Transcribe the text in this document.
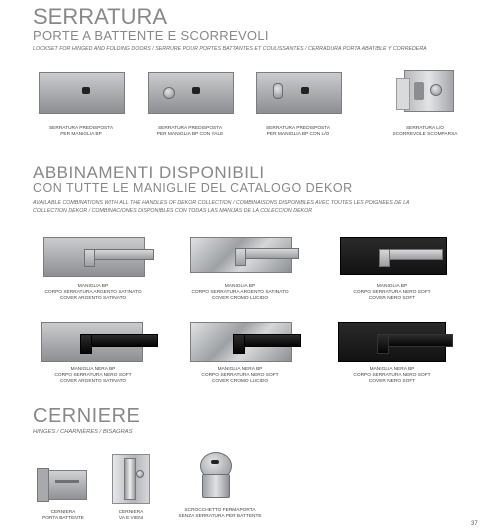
SERRATURA
PORTE A BATTENTE E SCORREVOLI
LOCKSET FOR HINGED AND FOLDING DOORS / SERRURE POUR PORTES BATTANTES ET COULISSANTES / CERRADURA PORTA ABATIBLE Y CORREDERA
SERRATURA PREDISPOSTA
PER MANIGLIA BP
SERRATURA PREDISPOSTA
PER MANIGLIA BP CON YALE
SERRATURA PREDISPOSTA
PER MANIGLIA BP CON L/O
SERRATURA L/O
SCORREVOLE SCOMPARSA
ABBINAMENTI DISPONIBILI
CON TUTTE LE MANIGLIE DEL CATALOGO DEKOR
AVAILABLE COMBINATIONS WITH ALL THE HANDLES OF DEKOR COLLECTION / COMBINAISONS DISPONIBLES AVEC TOUTES LES POIGNEES DE LA
COLLECTION DEKOR / COMBINACIONES DISPONIBLES CON TODAS LAS MANIJAS DE LA COLECCION DEKOR
MANIGLIA BP
CORPO SERRATURA ARGENTO SATINATO
COVER ARGENTO SATINATO
MANIGLIA BP
CORPO SERRATURA ARGENTO SATINATO
COVER CROMO LUCIDO
MANIGLIA BP
CORPO SERRATURA NERO SOFT
COVER NERO SOFT
MANIGLIA NERA BP
CORPO SERRATURA NERO SOFT
COVER ARGENTO SATINATO
MANIGLIA NERA BP
CORPO SERRATURA NERO SOFT
COVER CROMO LUCIDO
MANIGLIA NERA BP
CORPO SERRATURA NERO SOFT
COVER NERO SOFT
CERNIERE
HINGES / CHARNIÈRES / BISAGRAS
CERNIERA
PORTA BATTENTE
CERNIERA
VA E VIENI
SCROCCHETTO FERMAPORTA
SENZA SERRATURA PER BATTENTE
37
